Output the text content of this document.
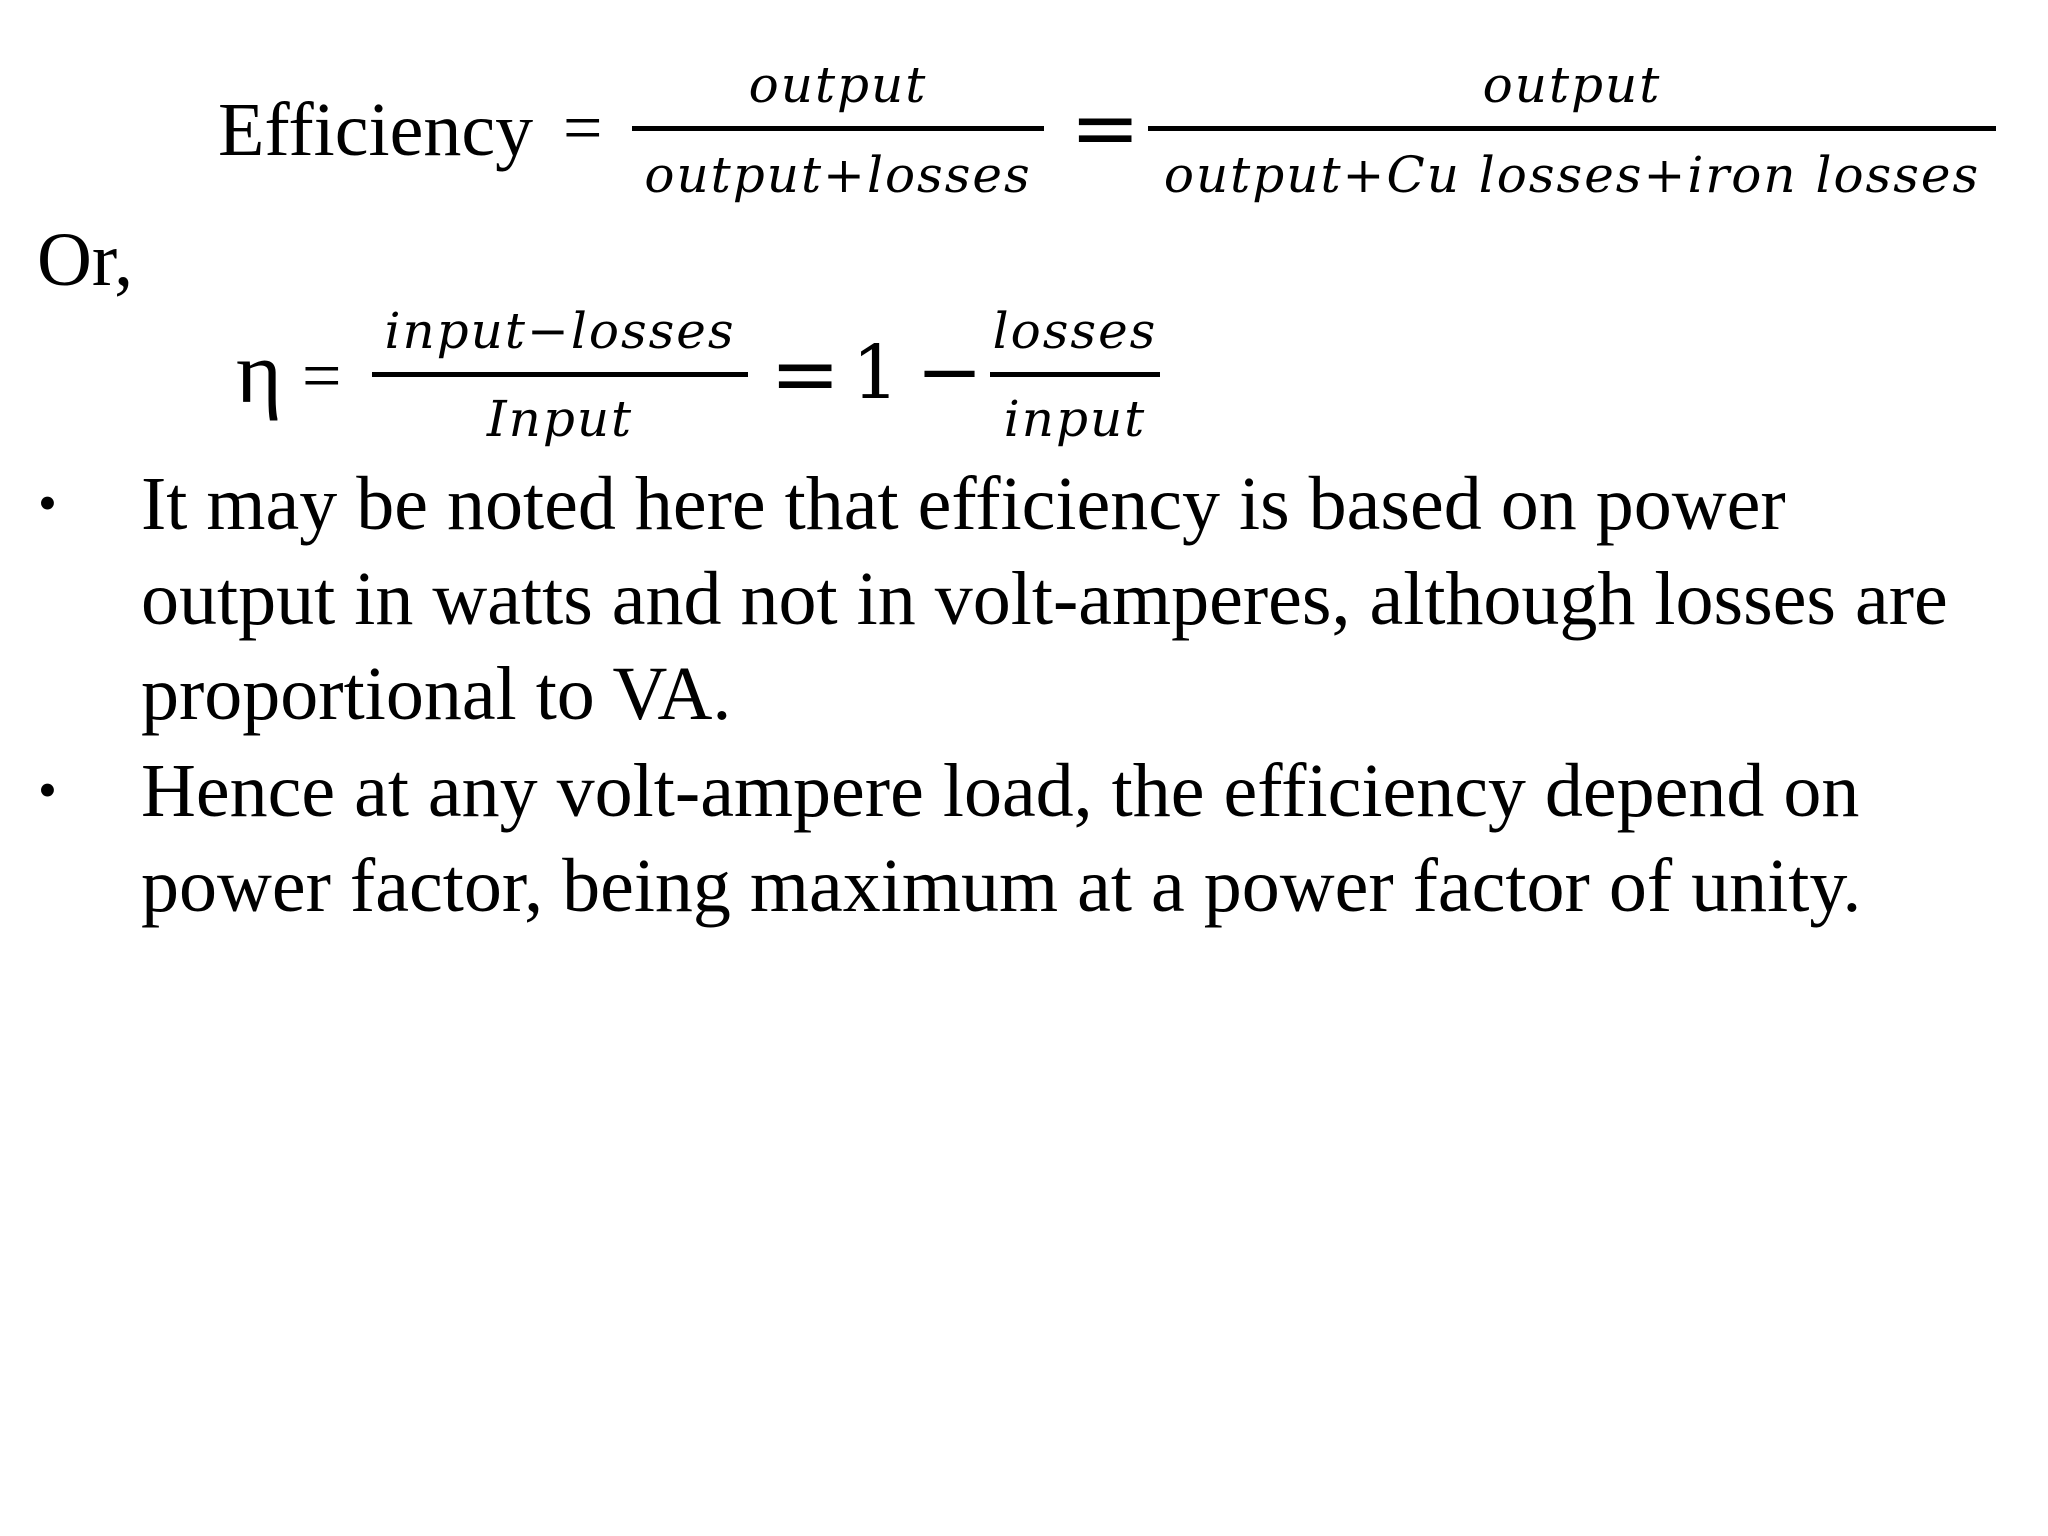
Efficiency =
output
output+losses =	output
output+Cu losses+iron losses
Or,
η =
input−losses
Input	= 1 − losses
input
• It may be noted here that efficiency is based on power
output in watts and not in volt-amperes, although losses are
proportional to VA.
• Hence at any volt-ampere load, the efficiency depend on
power factor, being maximum at a power factor of unity.
